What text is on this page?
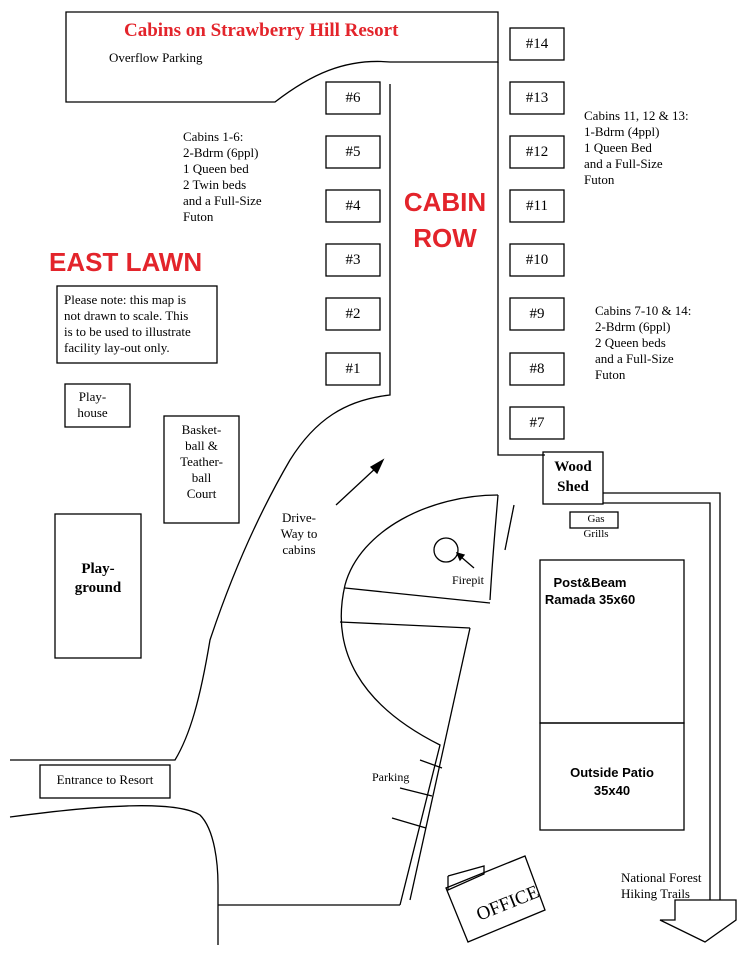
Cabins on Strawberry Hill Resort
Overflow Parking
EAST LAWN
CABIN
ROW
Cabins 1-6:
2-Bdrm (6ppl)
1 Queen bed
2 Twin beds
and a Full-Size
Futon
Cabins 11, 12 & 13:
1-Bdrm (4ppl)
1 Queen Bed
and a Full-Size
Futon
Cabins 7-10 & 14:
2-Bdrm (6ppl)
2 Queen beds
and a Full-Size
Futon
Please note: this map is
not drawn to scale. This
is to be used to illustrate
facility lay-out only.
Play-
house
Basket-
ball &
Teather-
ball
Court
Play-
ground
Drive-
Way to
cabins
Wood
Shed
Gas
Grills
Firepit	Post&Beam
Ramada 35x60
Outside Patio
35x40
Entrance to Resort	Parking
OFFICE
National Forest
Hiking Trails
#1
#2
#3
#4
#5
#6
#7
#8
#9
#10
#11
#12
#13
#14
